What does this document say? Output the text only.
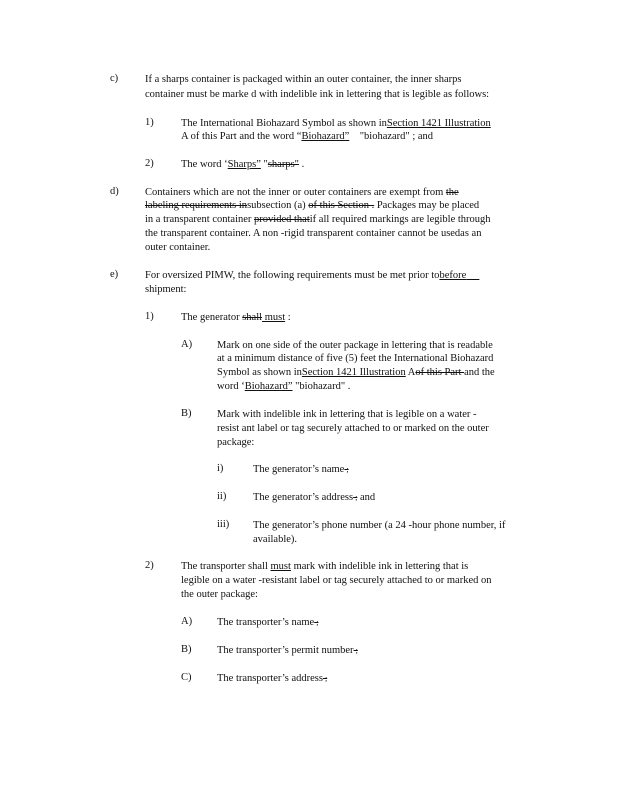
c)	If a sharps container is packaged within an outer container, the inner sharps
container must be marke d with indelible ink in lettering that is legible as follows:
1)	The International Biohazard Symbol as shown inSection 1421 Illustration
A of this Part and the word “Biohazard” "biohazard" ; and
2)	The word ‘Sharps” "sharps" .
d)	Containers which are not the inner or outer containers are exempt from the
labeling requirements insubsection (a) of this Section . Packages may be placed
in a transparent container provided thatif all required markings are legible through
the transparent container. A non -rigid transparent container cannot be usedas an
outer container.
e)	For oversized PIMW, the following requirements must be met prior tobefore
shipment:
1)	The generator shall must :
A) Mark on one side of the outer package in lettering that is readable
at a minimum distance of five (5) feet the International Biohazard
Symbol as shown inSection 1421 Illustration Aof this Part and the
word ‘Biohazard” "biohazard" .
B) Mark with indelible ink in lettering that is legible on a water -
resist ant label or tag securely attached to or marked on the outer
package:
i)	The generator’s name ;
ii)	The generator’s address ; and
iii) The generator’s phone number (a 24 -hour phone number, if
available).
2)	The transporter shall must mark with indelible ink in lettering that is
legible on a water -resistant label or tag securely attached to or marked on
the outer package:
A) The transporter’s name ;
B) The transporter’s permit number ;
C) The transporter’s address ;
